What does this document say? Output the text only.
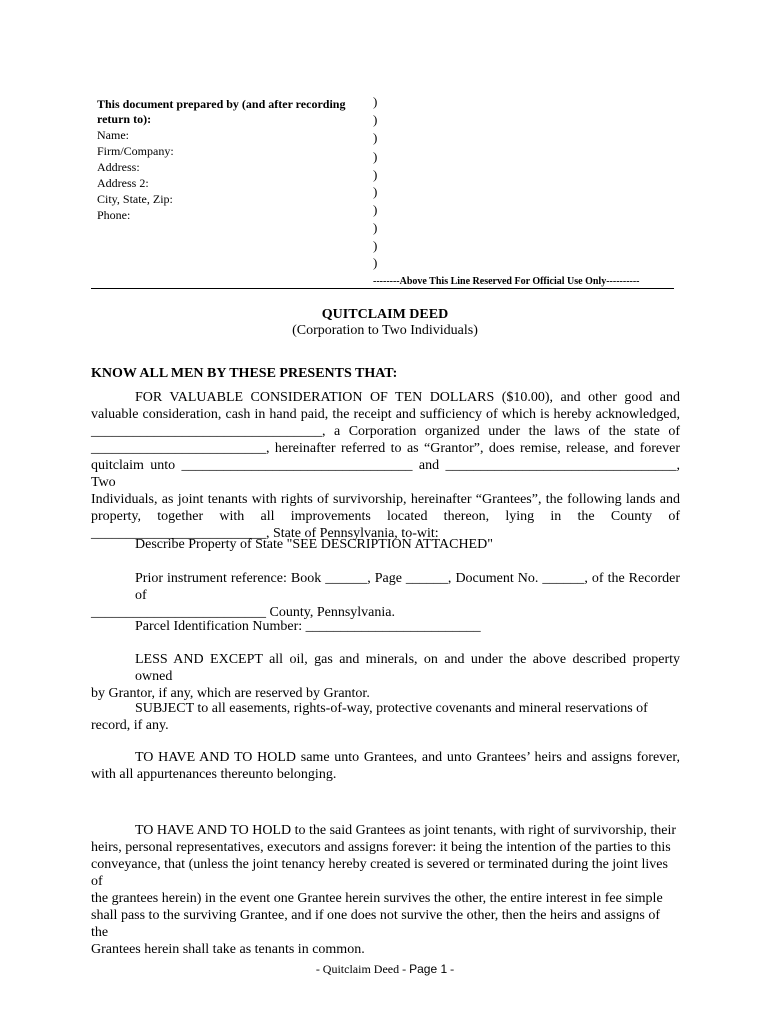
This document prepared by (and after recording
return to):
Name:
Firm/Company:
Address:
Address 2:
City, State, Zip:
Phone:
)
)
)
)
)
)
)
)
)
)
--------Above This Line Reserved For Official Use Only----------
QUITCLAIM DEED
(Corporation to Two Individuals)
KNOW ALL MEN BY THESE PRESENTS THAT:
FOR VALUABLE CONSIDERATION OF TEN DOLLARS ($10.00), and other good and
valuable consideration, cash in hand paid, the receipt and sufficiency of which is hereby acknowledged,
_________________________________, a Corporation organized under the laws of the state of
_________________________, hereinafter referred to as “Grantor”, does remise, release, and forever
quitclaim unto _________________________________ and _________________________________, Two
Individuals, as joint tenants with rights of survivorship, hereinafter “Grantees”, the following lands and
property, together with all improvements located thereon, lying in the County of
_________________________, State of Pennsylvania, to-wit:
Describe Property of State "SEE DESCRIPTION ATTACHED"
Prior instrument reference: Book ______, Page ______, Document No. ______, of the Recorder of
_________________________ County, Pennsylvania.
Parcel Identification Number: _________________________
LESS AND EXCEPT all oil, gas and minerals, on and under the above described property owned
by Grantor, if any, which are reserved by Grantor.
SUBJECT to all easements, rights-of-way, protective covenants and mineral reservations of
record, if any.
TO HAVE AND TO HOLD same unto Grantees, and unto Grantees’ heirs and assigns forever,
with all appurtenances thereunto belonging.
TO HAVE AND TO HOLD to the said Grantees as joint tenants, with right of survivorship, their
heirs, personal representatives, executors and assigns forever: it being the intention of the parties to this
conveyance, that (unless the joint tenancy hereby created is severed or terminated during the joint lives of
the grantees herein) in the event one Grantee herein survives the other, the entire interest in fee simple
shall pass to the surviving Grantee, and if one does not survive the other, then the heirs and assigns of the
Grantees herein shall take as tenants in common.
- Quitclaim Deed - Page 1 -
